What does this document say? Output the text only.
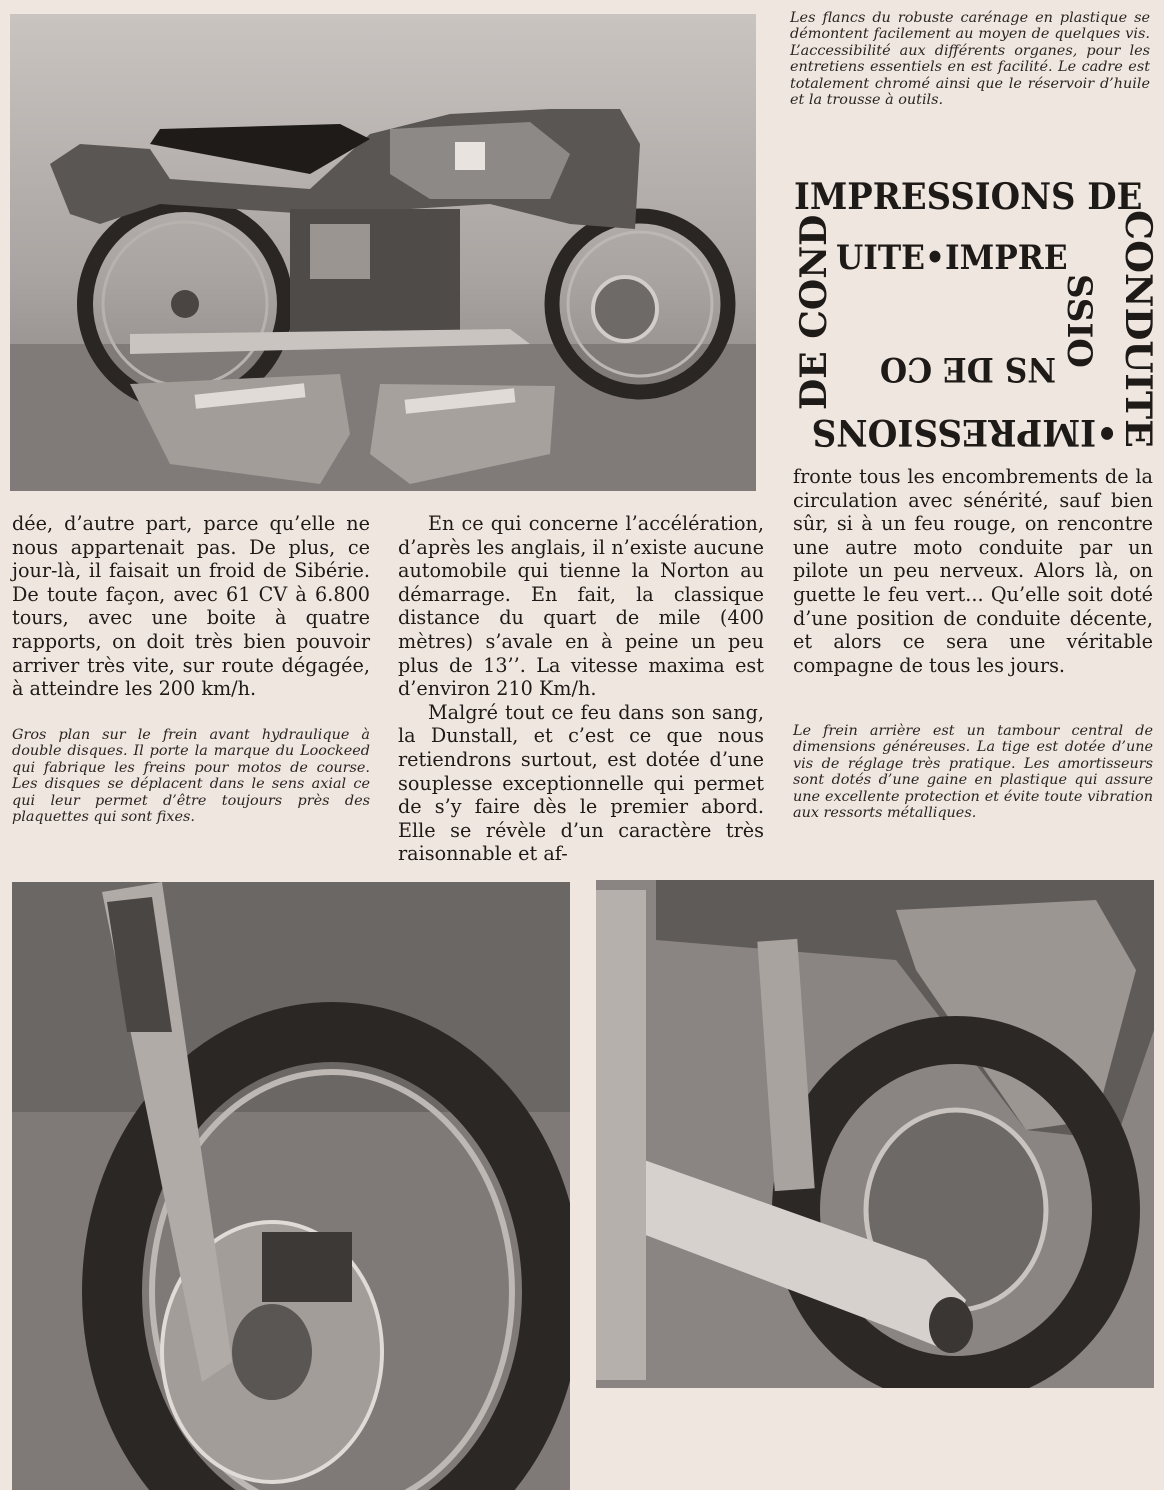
Les flancs du robuste carénage en plastique se démontent facilement au moyen de quelques vis. L’accessibilité aux différents organes, pour les entretiens essentiels en est facilité. Le cadre est totalement chromé ainsi que le réservoir d’huile et la trousse à outils.

IMPRESSIONS DE
CONDUITE
•IMPRESSIONS
DE COND UITE•IMPRE
SSIO
NS DE CO

dée, d’autre part, parce qu’elle ne nous appartenait pas. De plus, ce jour-là, il faisait un froid de Sibérie. De toute façon, avec 61 CV à 6.800 tours, avec une boite à quatre rapports, on doit très bien pouvoir arriver très vite, sur route dégagée, à atteindre les 200 km/h.

En ce qui concerne l’accélération, d’après les anglais, il n’existe aucune automobile qui tienne la Norton au démarrage. En fait, la classique distance du quart de mile (400 mètres) s’avale en à peine un peu plus de 13’’. La vitesse maxima est d’environ 210 Km/h.

Malgré tout ce feu dans son sang, la Dunstall, et c’est ce que nous retiendrons surtout, est dotée d’une souplesse exceptionnelle qui permet de s’y faire dès le premier abord. Elle se révèle d’un caractère très raisonnable et af-

fronte tous les encombrements de la circulation avec sénérité, sauf bien sûr, si à un feu rouge, on rencontre une autre moto conduite par un pilote un peu nerveux. Alors là, on guette le feu vert... Qu’elle soit doté d’une position de conduite décente, et alors ce sera une véritable compagne de tous les jours.

Gros plan sur le frein avant hydraulique à double disques. Il porte la marque du Loockeed qui fabrique les freins pour motos de course. Les disques se déplacent dans le sens axial ce qui leur permet d’être toujours près des plaquettes qui sont fixes.

Le frein arrière est un tambour central de dimensions généreuses. La tige est dotée d’une vis de réglage très pratique. Les amortisseurs sont dotés d’une gaine en plastique qui assure une excellente protection et évite toute vibration aux ressorts métalliques.
